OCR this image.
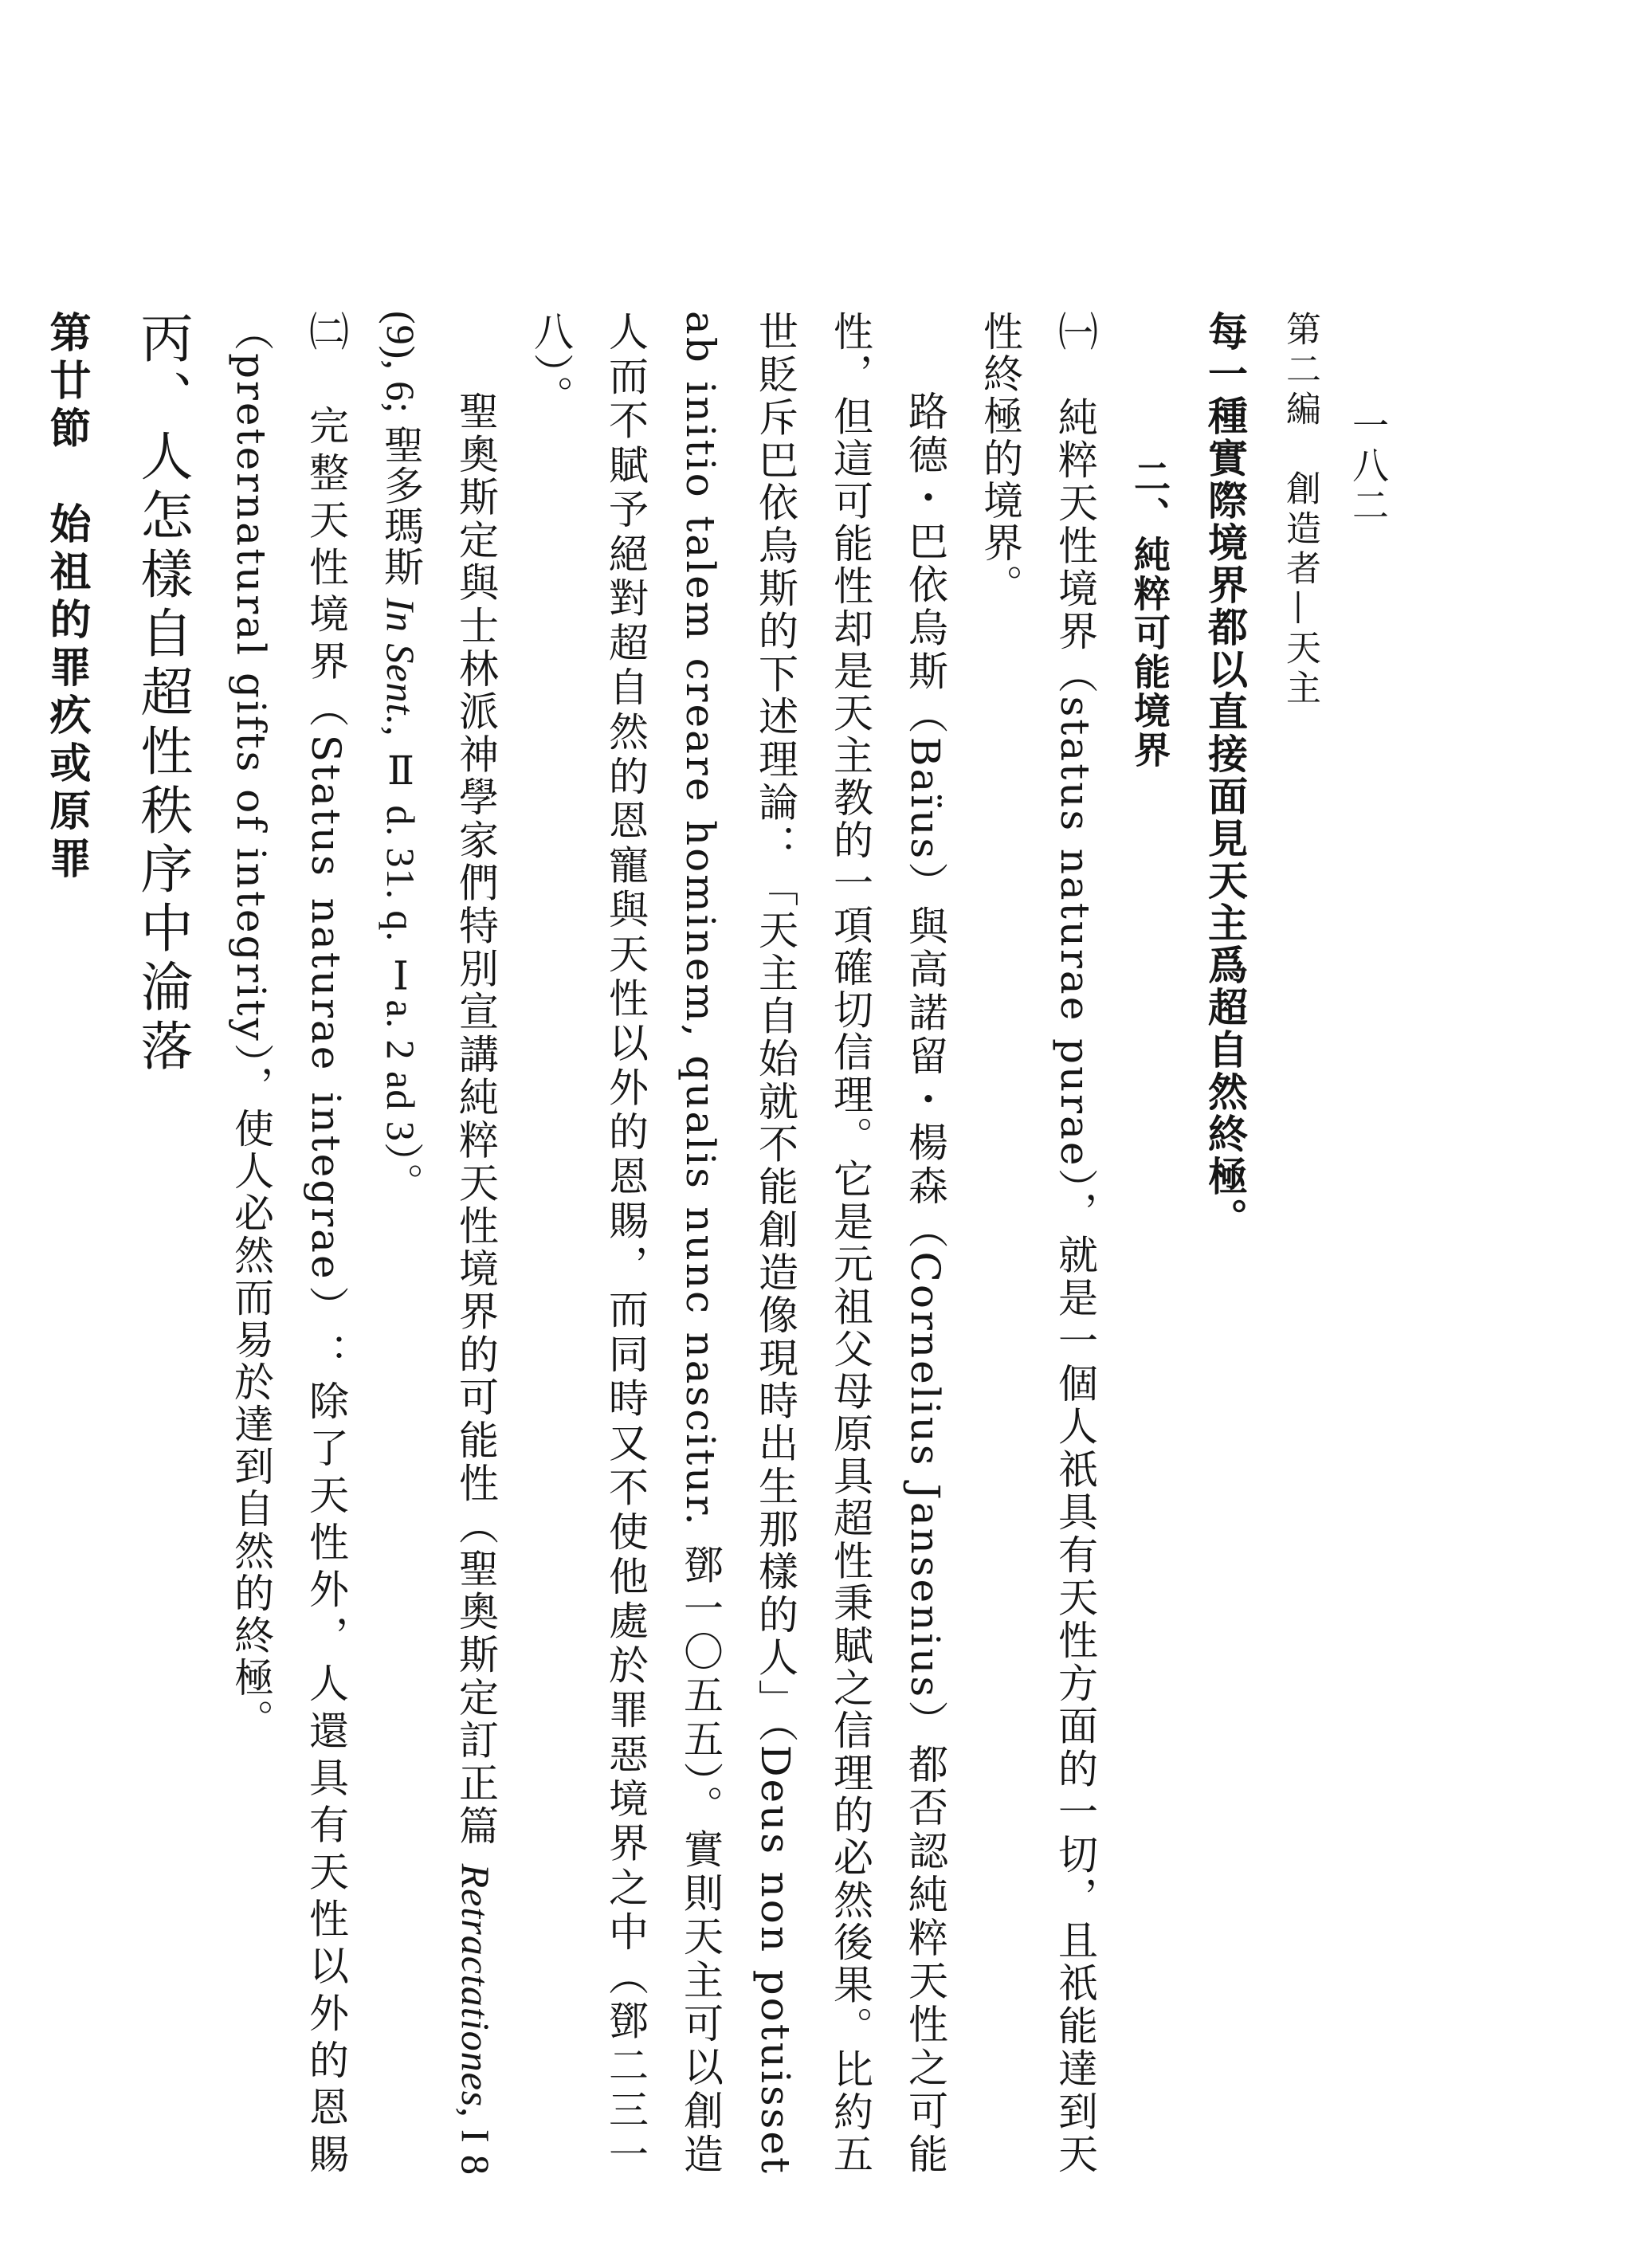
一八二

第二編　創造者—天主

每一種實際境界都以直接面見天主爲超自然終極。

二、純粹可能境界

㈠　純粹天性境界（status naturae purae），就是一個人祇具有天性方面的一切，且祇能達到天性終極的境界。

路德・巴依烏斯（Baïus）與高諾留・楊森（Cornelius Jansenius）都否認純粹天性之可能性，但這可能性却是天主教的一項確切信理。它是元祖父母原具超性秉賦之信理的必然後果。比約五世貶斥巴依烏斯的下述理論：「天主自始就不能創造像現時出生那樣的人」（Deus non potuisset ab initio talem creare hominem, qualis nunc nascitur. 鄧一〇五五）。實則天主可以創造人而不賦予絕對超自然的恩寵與天性以外的恩賜，而同時又不使他處於罪惡境界之中（鄧二三一八）。

聖奧斯定與士林派神學家們特別宣講純粹天性境界的可能性（聖奧斯定訂正篇 Retractationes, I 8 (9), 6; 聖多瑪斯 In Sent., Ⅱ d. 31. q. Ⅰa. 2 ad 3）。

㈡　完整天性境界（Status naturae integrae）：除了天性外，人還具有天性以外的恩賜（preternatural gifts of integrity），使人必然而易於達到自然的終極。

丙、人怎樣自超性秩序中淪落

第廿節　始祖的罪疚或原罪
